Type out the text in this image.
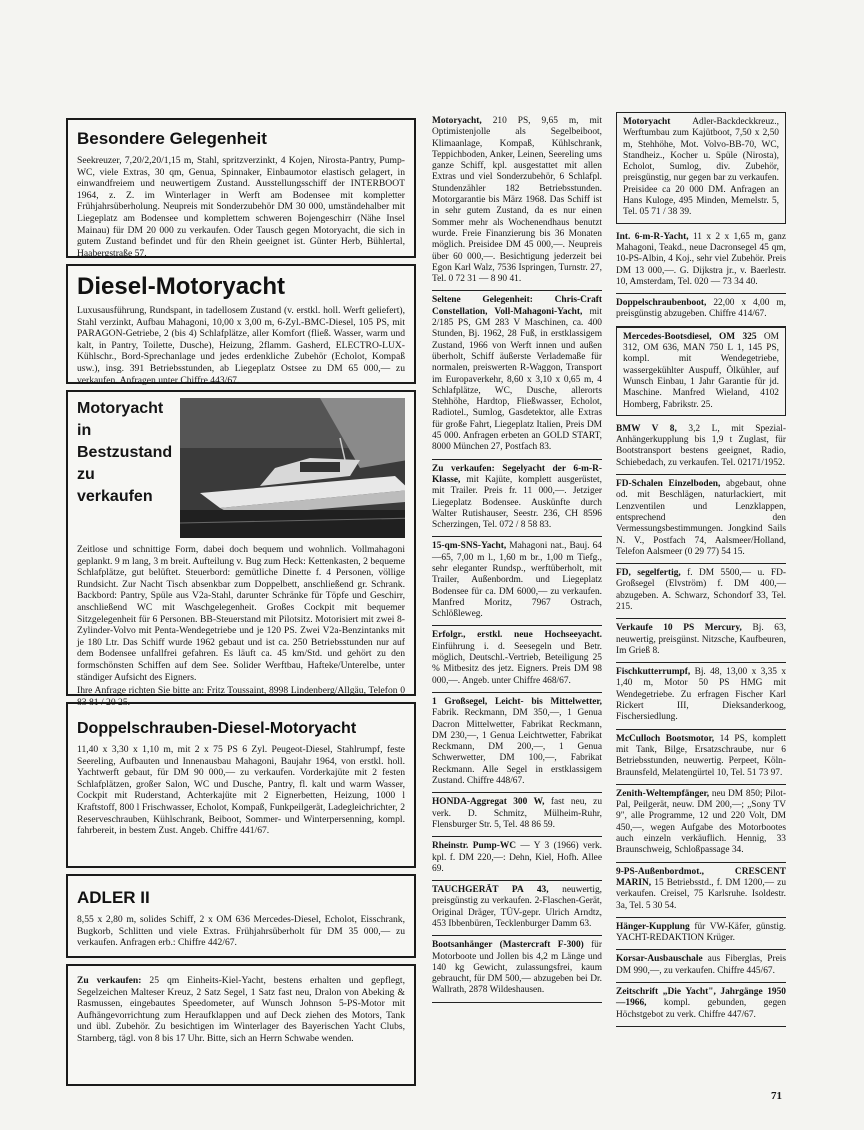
Besondere Gelegenheit
Seekreuzer, 7,20/2,20/1,15 m, Stahl, spritzverzinkt, 4 Kojen, Nirosta-Pantry, Pump-WC, viele Extras, 30 qm, Genua, Spinnaker, Einbaumotor elastisch gelagert, in einwandfreiem und neuwertigem Zustand. Ausstellungsschiff der INTERBOOT 1964, z. Z. im Winterlager in Werft am Bodensee mit kompletter Frühjahrsüberholung. Neupreis mit Sonderzubehör DM 30 000, umständehalber mit Liegeplatz am Bodensee und komplettem schweren Bojengeschirr (Nähe Insel Mainau) für DM 20 000 zu verkaufen. Oder Tausch gegen Motoryacht, die sich in gutem Zustand befindet und für den Rhein geeignet ist. Günter Herb, Bühlertal, Haabergstraße 57.
Diesel-Motoryacht
Luxusausführung, Rundspant, in tadellosem Zustand (v. erstkl. holl. Werft geliefert), Stahl verzinkt, Aufbau Mahagoni, 10,00 x 3,00 m, 6-Zyl.-BMC-Diesel, 105 PS, mit PARAGON-Getriebe, 2 (bis 4) Schlafplätze, aller Komfort (fließ. Wasser, warm und kalt, in Pantry, Toilette, Dusche), Heizung, 2flamm. Gasherd, ELECTRO-LUX-Kühlschr., Bord-Sprechanlage und jedes erdenkliche Zubehör (Echolot, Kompaß usw.), insg. 391 Betriebsstunden, ab Liegeplatz Ostsee zu DM 65 000,— zu verkaufen. Anfragen unter Chiffre 443/67.
Motoryacht in Bestzustand zu verkaufen
Zeitlose und schnittige Form, dabei doch bequem und wohnlich. Vollmahagoni geplankt. 9 m lang, 3 m breit. Aufteilung v. Bug zum Heck: Kettenkasten, 2 bequeme Schlafplätze, gut belüftet. Steuerbord: gemütliche Dinette f. 4 Personen, völlige Rundsicht. Zur Nacht Tisch absenkbar zum Doppelbett, anschließend gr. Schrank. Backbord: Pantry, Spüle aus V2a-Stahl, darunter Schränke für Töpfe und Geschirr, anschließend WC mit Waschgelegenheit. Großes Cockpit mit bequemer Sitzgelegenheit für 6 Personen. BB-Steuerstand mit Pilotsitz. Motorisiert mit zwei 8-Zylinder-Volvo mit Penta-Wendegetriebe und je 120 PS. Zwei V2a-Benzintanks mit je 180 Ltr. Das Schiff wurde 1962 gebaut und ist ca. 250 Betriebsstunden nur auf dem Bodensee unfallfrei gefahren. Es läuft ca. 45 km/Std. und gehört zu den formschönsten Schiffen auf dem See. Solider Werftbau, Hafteke/Unterelbe, unter ständiger Aufsicht des Eigners.
Ihre Anfrage richten Sie bitte an: Fritz Toussaint, 8998 Lindenberg/Allgäu, Telefon 0 83 81 / 20 25.
Doppelschrauben-Diesel-Motoryacht
11,40 x 3,30 x 1,10 m, mit 2 x 75 PS 6 Zyl. Peugeot-Diesel, Stahlrumpf, feste Seereling, Aufbauten und Innenausbau Mahagoni, Baujahr 1964, von erstkl. holl. Yachtwerft gebaut, für DM 90 000,— zu verkaufen. Vorderkajüte mit 2 festen Schlafplätzen, großer Salon, WC und Dusche, Pantry, fl. kalt und warm Wasser, Cockpit mit Ruderstand, Achterkajüte mit 2 Eignerbetten, Heizung, 1000 l Kraftstoff, 800 l Frischwasser, Echolot, Kompaß, Funkpeilgerät, Ladegleichrichter, 2 Reserveschrauben, Kühlschrank, Beiboot, Sommer- und Winterpersenning, kompl. fahrbereit, in bestem Zust. Angeb. Chiffre 441/67.
ADLER II
8,55 x 2,80 m, solides Schiff, 2 x OM 636 Mercedes-Diesel, Echolot, Eisschrank, Bugkorb, Schlitten und viele Extras. Frühjahrsüberholt für DM 35 000,— zu verkaufen. Anfragen erb.: Chiffre 442/67.
Zu verkaufen: 25 qm Einheits-Kiel-Yacht, bestens erhalten und gepflegt, Segelzeichen Malteser Kreuz, 2 Satz Segel, 1 Satz fast neu, Dralon von Abeking & Rasmussen, eingebautes Speedometer, auf Wunsch Johnson 5-PS-Motor mit Aufhängevorrichtung zum Heraufklappen und auf Deck ziehen des Motors, Tank und übl. Zubehör. Zu besichtigen im Winterlager des Bayerischen Yacht Clubs, Starnberg, tägl. von 8 bis 17 Uhr. Bitte, sich an Herrn Schwabe wenden.
Motoryacht, 210 PS, 9,65 m, mit Optimistenjolle als Segelbeiboot, Klimaanlage, Kompaß, Kühlschrank, Teppichboden, Anker, Leinen, Seereling ums ganze Schiff, kpl. ausgestattet mit allen Extras und viel Sonderzubehör, 6 Schlafpl. Stundenzähler 182 Betriebsstunden. Motorgarantie bis März 1968. Das Schiff ist in sehr gutem Zustand, da es nur einen Sommer mehr als Wochenendhaus benutzt wurde. Freie Finanzierung bis 36 Monaten möglich. Preisidee DM 45 000,—. Neupreis über 60 000,—. Besichtigung jederzeit bei Egon Karl Walz, 7536 Ispringen, Turnstr. 27, Tel. 0 72 31 — 8 90 41.
Seltene Gelegenheit: Chris-Craft Constellation, Voll-Mahagoni-Yacht, mit 2/185 PS, GM 283 V Maschinen, ca. 400 Stunden, Bj. 1962, 28 Fuß, in erstklassigem Zustand, 1966 von Werft innen und außen überholt, Schiff äußerste Verlademaße für normalen, preiswerten R-Waggon, Transport im Europaverkehr, 8,60 x 3,10 x 0,65 m, 4 Schlafplätze, WC, Dusche, allerorts Stehhöhe, Hardtop, Fließwasser, Echolot, Radiotel., Sumlog, Gasdetektor, alle Extras für große Fahrt, Liegeplatz Italien, Preis DM 45 000. Anfragen erbeten an GOLD START, 8000 München 27, Postfach 83.
Zu verkaufen: Segelyacht der 6-m-R-Klasse, mit Kajüte, komplett ausgerüstet, mit Trailer. Preis fr. 11 000,—. Jetziger Liegeplatz Bodensee. Auskünfte durch Walter Rutishauser, Seestr. 236, CH 8596 Scherzingen, Tel. 072 / 8 58 83.
15-qm-SNS-Yacht, Mahagoni nat., Bauj. 64—65, 7,00 m l., 1,60 m br., 1,00 m Tiefg., sehr eleganter Rundsp., werftüberholt, mit Trailer, Außenbordm. und Liegeplatz Bodensee für ca. DM 6000,— zu verkaufen. Manfred Moritz, 7967 Ostrach, Schlößleweg.
Erfolgr., erstkl. neue Hochseeyacht. Einführung i. d. Seesegeln und Betr. möglich, Deutschl.-Vertrieb, Beteiligung 25 % Mitbesitz des jetz. Eigners. Preis DM 98 000,—. Angeb. unter Chiffre 468/67.
1 Großsegel, Leicht- bis Mittelwetter, Fabrik. Reckmann, DM 350,—, 1 Genua Dacron Mittelwetter, Fabrikat Reckmann, DM 230,—, 1 Genua Leichtwetter, Fabrikat Reckmann, DM 200,—, 1 Genua Schwerwetter, DM 100,—, Fabrikat Reckmann. Alle Segel in erstklassigem Zustand. Chiffre 448/67.
HONDA-Aggregat 300 W, fast neu, zu verk. D. Schmitz, Mülheim-Ruhr, Flensburger Str. 5, Tel. 48 86 59.
Rheinstr. Pump-WC — Y 3 (1966) verk. kpl. f. DM 220,—: Dehn, Kiel, Hofh. Allee 69.
TAUCHGERÄT PA 43, neuwertig, preisgünstig zu verkaufen. 2-Flaschen-Gerät, Original Dräger, TÜV-gepr. Ulrich Arndtz, 453 Ibbenbüren, Tecklenburger Damm 63.
Bootsanhänger (Mastercraft F-300) für Motorboote und Jollen bis 4,2 m Länge und 140 kg Gewicht, zulassungsfrei, kaum gebraucht, für DM 500,— abzugeben bei Dr. Wallrath, 2878 Wildeshausen.
Motoryacht Adler-Backdeckkreuz., Werftumbau zum Kajütboot, 7,50 x 2,50 m, Stehhöhe, Mot. Volvo-BB-70, WC, Standheiz., Kocher u. Spüle (Nirosta), Echolot, Sumlog, div. Zubehör, preisgünstig, nur gegen bar zu verkaufen. Preisidee ca 20 000 DM. Anfragen an Hans Kuloge, 495 Minden, Memelstr. 5, Tel. 05 71 / 38 39.
Int. 6-m-R-Yacht, 11 x 2 x 1,65 m, ganz Mahagoni, Teakd., neue Dacronsegel 45 qm, 10-PS-Albin, 4 Koj., sehr viel Zubehör. Preis DM 13 000,—. G. Dijkstra jr., v. Baerlestr. 10, Amsterdam, Tel. 020 — 73 34 40.
Doppelschraubenboot, 22,00 x 4,00 m, preisgünstig abzugeben. Chiffre 414/67.
Mercedes-Bootsdiesel, OM 325 OM 312, OM 636, MAN 750 L 1, 145 PS, kompl. mit Wendegetriebe, wassergekühlter Auspuff, Ölkühler, auf Wunsch Einbau, 1 Jahr Garantie für jd. Maschine. Manfred Wieland, 4102 Homberg, Fabrikstr. 25.
BMW V 8, 3,2 L, mit Spezial-Anhängerkupplung bis 1,9 t Zuglast, für Bootstransport bestens geeignet, Radio, Schiebedach, zu verkaufen. Tel. 02171/1952.
FD-Schalen Einzelboden, abgebaut, ohne od. mit Beschlägen, naturlackiert, mit Lenzventilen und Lenzklappen, entsprechend den Vermessungsbestimmungen. Jongkind Sails N. V., Postfach 74, Aalsmeer/Holland, Telefon Aalsmeer (0 29 77) 54 15.
FD, segelfertig, f. DM 5500,— u. FD-Großsegel (Elvström) f. DM 400,— abzugeben. A. Schwarz, Schondorf 33, Tel. 215.
Verkaufe 10 PS Mercury, Bj. 63, neuwertig, preisgünst. Nitzsche, Kaufbeuren, Im Grieß 8.
Fischkutterrumpf, Bj. 48, 13,00 x 3,35 x 1,40 m, Motor 50 PS HMG mit Wendegetriebe. Zu erfragen Fischer Karl Rickert III, Dieksanderkoog, Fischersiedlung.
McCulloch Bootsmotor, 14 PS, komplett mit Tank, Bilge, Ersatzschraube, nur 6 Betriebsstunden, neuwertig. Perpeet, Köln-Braunsfeld, Melatengürtel 10, Tel. 51 73 97.
Zenith-Weltempfänger, neu DM 850; Pilot-Pal, Peilgerät, neuw. DM 200,—; „Sony TV 9", alle Programme, 12 und 220 Volt, DM 450,—, wegen Aufgabe des Motorbootes auch einzeln verkäuflich. Hennig, 33 Braunschweig, Schloßpassage 34.
9-PS-Außenbordmot., CRESCENT MARIN, 15 Betriebsstd., f. DM 1200,— zu verkaufen. Creisel, 75 Karlsruhe. Isoldestr. 3a, Tel. 5 30 54.
Hänger-Kupplung für VW-Käfer, günstig. YACHT-REDAKTION Krüger.
Korsar-Ausbauschale aus Fiberglas, Preis DM 990,—, zu verkaufen. Chiffre 445/67.
Zeitschrift „Die Yacht", Jahrgänge 1950—1966, kompl. gebunden, gegen Höchstgebot zu verk. Chiffre 447/67.
71
